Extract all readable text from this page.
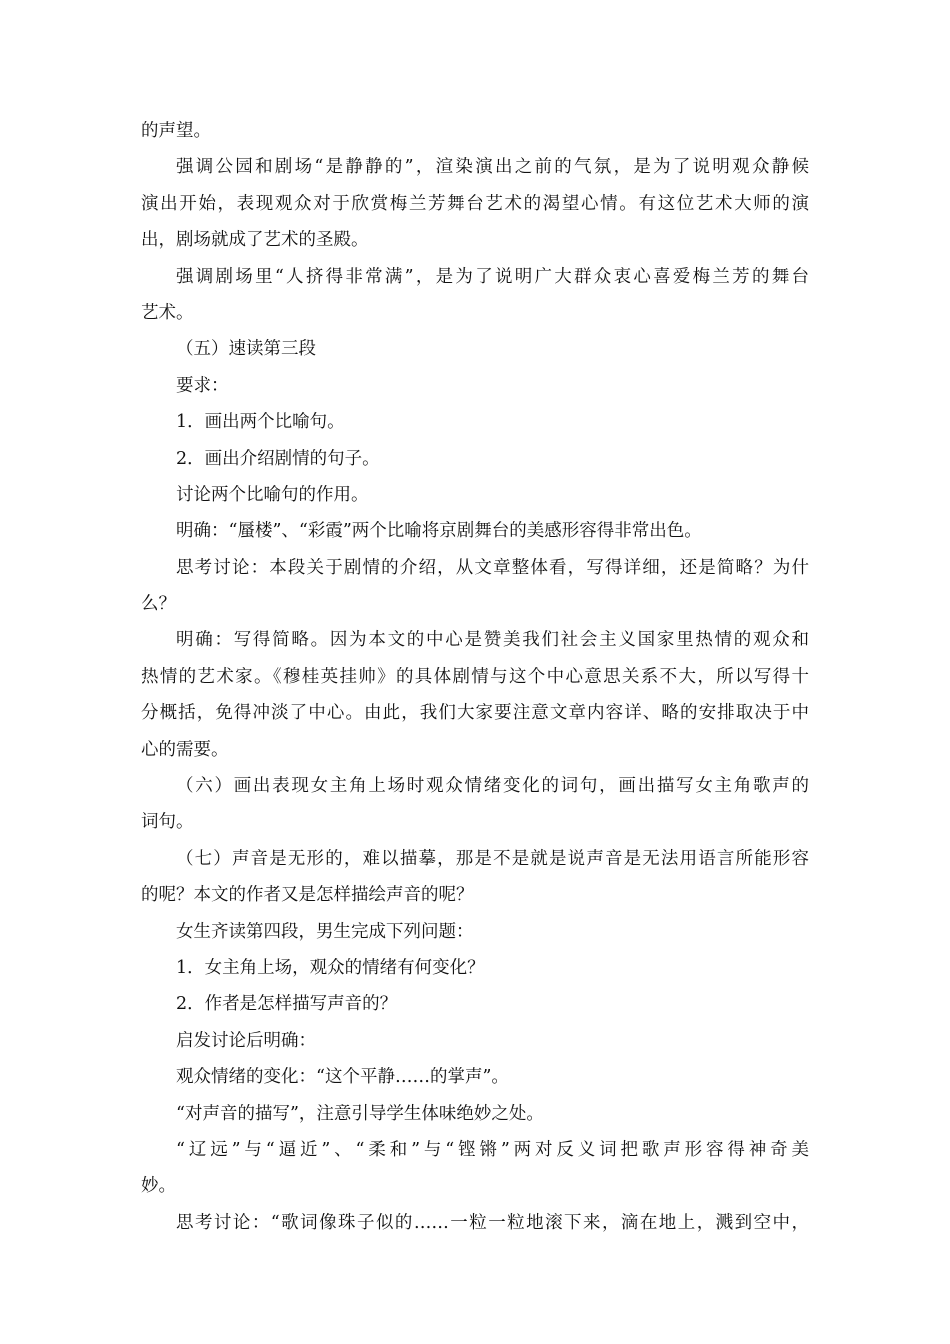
的声望。
强调公园和剧场“是静静的”，渲染演出之前的气氛，是为了说明观众静候
演出开始，表现观众对于欣赏梅兰芳舞台艺术的渴望心情。有这位艺术大师的演
出，剧场就成了艺术的圣殿。
强调剧场里“人挤得非常满”，是为了说明广大群众衷心喜爱梅兰芳的舞台
艺术。
（五）速读第三段
要求：
1．画出两个比喻句。
2．画出介绍剧情的句子。
讨论两个比喻句的作用。
明确：“蜃楼”、“彩霞”两个比喻将京剧舞台的美感形容得非常出色。
思考讨论：本段关于剧情的介绍，从文章整体看，写得详细，还是简略？为什
么？
明确：写得简略。因为本文的中心是赞美我们社会主义国家里热情的观众和
热情的艺术家。《穆桂英挂帅》的具体剧情与这个中心意思关系不大，所以写得十
分概括，免得冲淡了中心。由此，我们大家要注意文章内容详、略的安排取决于中
心的需要。
（六）画出表现女主角上场时观众情绪变化的词句，画出描写女主角歌声的
词句。
（七）声音是无形的，难以描摹，那是不是就是说声音是无法用语言所能形容
的呢？本文的作者又是怎样描绘声音的呢？
女生齐读第四段，男生完成下列问题：
1．女主角上场，观众的情绪有何变化？
2．作者是怎样描写声音的？
启发讨论后明确：
观众情绪的变化：“这个平静……的掌声”。
“对声音的描写”，注意引导学生体味绝妙之处。
“辽远”与“逼近”、“柔和”与“铿锵”两对反义词把歌声形容得神奇美
妙。
思考讨论：“歌词像珠子似的……一粒一粒地滚下来，滴在地上，溅到空中，
